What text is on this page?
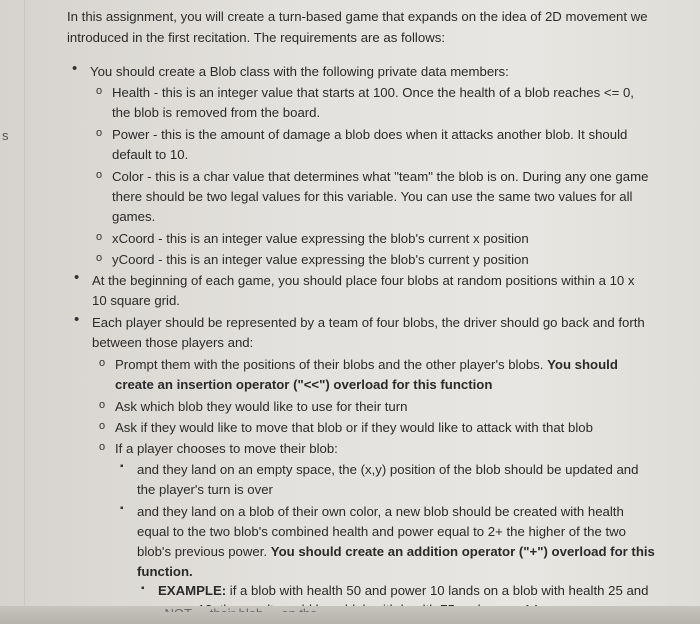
s
In this assignment, you will create a turn-based game that expands on the idea of 2D movement we
introduced in the first recitation. The requirements are as follows:
• You should create a Blob class with the following private data members:
o Health - this is an integer value that starts at 100. Once the health of a blob reaches <= 0,
the blob is removed from the board.
o Power - this is the amount of damage a blob does when it attacks another blob. It should
default to 10.
o Color - this is a char value that determines what "team" the blob is on. During any one game
there should be two legal values for this variable. You can use the same two values for all
games.
o xCoord - this is an integer value expressing the blob's current x position
o yCoord - this is an integer value expressing the blob's current y position
• At the beginning of each game, you should place four blobs at random positions within a 10 x
10 square grid.
• Each player should be represented by a team of four blobs, the driver should go back and forth
between those players and:
o Prompt them with the positions of their blobs and the other player's blobs. You should
create an insertion operator ("<<") overload for this function
o Ask which blob they would like to use for their turn
o Ask if they would like to move that blob or if they would like to attack with that blob
o If a player chooses to move their blob:
▪ and they land on an empty space, the (x,y) position of the blob should be updated and
the player's turn is over
▪ and they land on a blob of their own color, a new blob should be created with health
equal to the two blob's combined health and power equal to 2+ the higher of the two
blob's previous power. You should create an addition operator ("+") overload for this
function.
▪ EXAMPLE: if a blob with health 50 and power 10 lands on a blob with health 25 and
